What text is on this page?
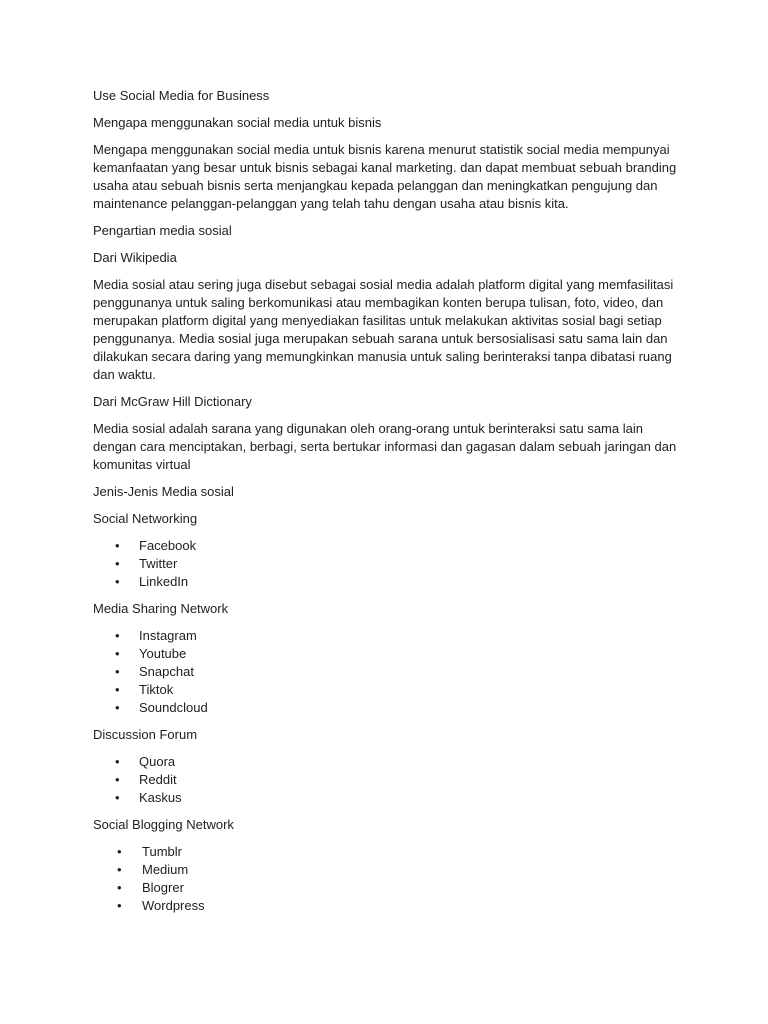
Use Social Media for Business

Mengapa menggunakan social media untuk bisnis

Mengapa menggunakan social media untuk bisnis karena menurut statistik social media mempunyai kemanfaatan yang besar untuk bisnis sebagai kanal marketing. dan dapat membuat sebuah branding usaha atau sebuah bisnis serta menjangkau kepada pelanggan dan meningkatkan pengujung dan maintenance pelanggan-pelanggan yang telah tahu dengan usaha atau bisnis kita.

Pengartian media sosial

Dari Wikipedia

Media sosial atau sering juga disebut sebagai sosial media adalah platform digital yang memfasilitasi penggunanya untuk saling berkomunikasi atau membagikan konten berupa tulisan, foto, video, dan merupakan platform digital yang menyediakan fasilitas untuk melakukan aktivitas sosial bagi setiap penggunanya. Media sosial juga merupakan sebuah sarana untuk bersosialisasi satu sama lain dan dilakukan secara daring yang memungkinkan manusia untuk saling berinteraksi tanpa dibatasi ruang dan waktu.

Dari McGraw Hill Dictionary

Media sosial adalah sarana yang digunakan oleh orang-orang untuk berinteraksi satu sama lain dengan cara menciptakan, berbagi, serta bertukar informasi dan gagasan dalam sebuah jaringan dan komunitas virtual

Jenis-Jenis Media sosial

Social Networking

• Facebook
• Twitter
• LinkedIn

Media Sharing Network

• Instagram
• Youtube
• Snapchat
• Tiktok
• Soundcloud

Discussion Forum

• Quora
• Reddit
• Kaskus

Social Blogging Network

• Tumblr
• Medium
• Blogrer
• Wordpress
